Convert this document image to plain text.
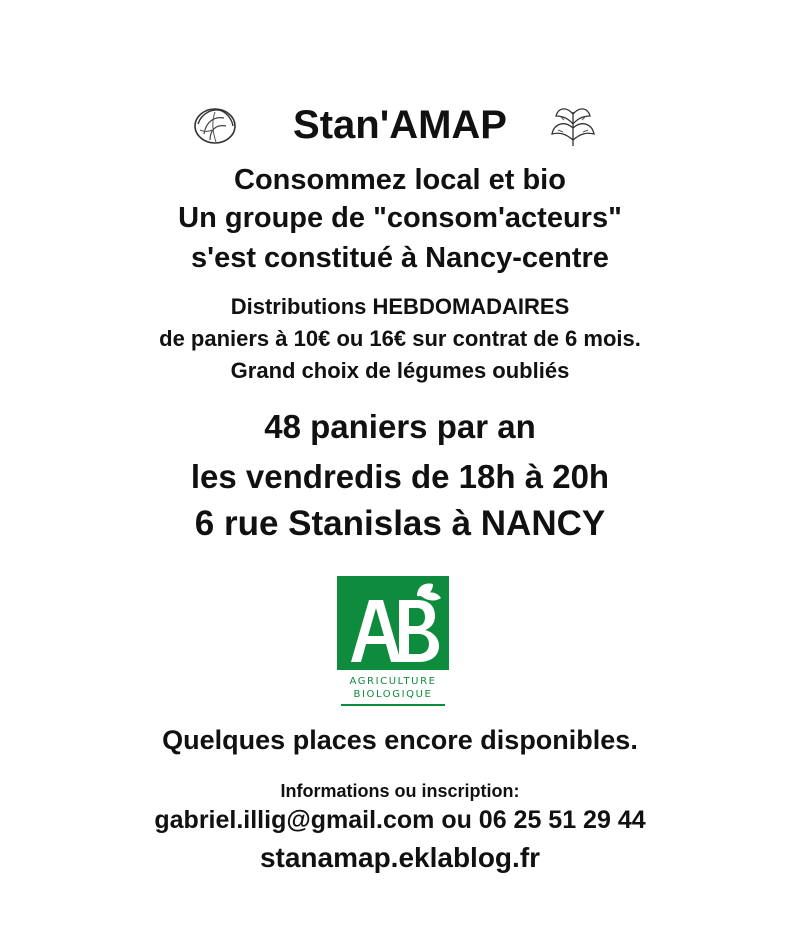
Stan'AMAP
Consommez local et bio
Un groupe de "consom'acteurs"
s'est constitué à Nancy-centre
Distributions HEBDOMADAIRES
de paniers à 10€ ou 16€ sur contrat de 6 mois.
Grand choix de légumes oubliés
48 paniers par an
les vendredis de 18h à 20h
6 rue Stanislas à NANCY
AGRICULTURE
BIOLOGIQUE
Quelques places encore disponibles.
Informations ou inscription:
gabriel.illig@gmail.com ou 06 25 51 29 44
stanamap.eklablog.fr
